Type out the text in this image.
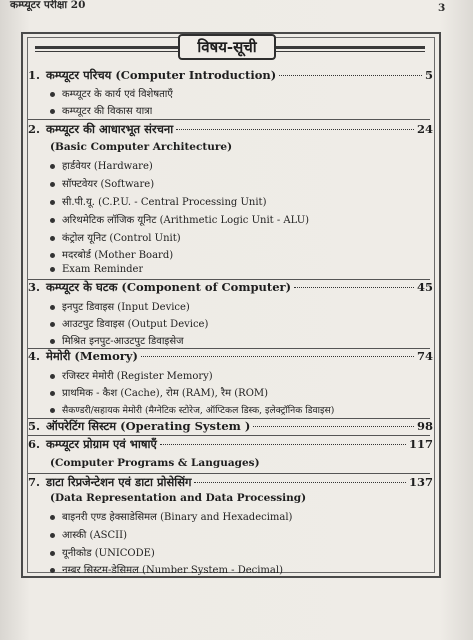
कम्प्यूटर परीक्षा 20	3
विषय-सूची
1. कम्प्यूटर परिचय (Computer Introduction)	5
कम्प्यूटर के कार्य एवं विशेषताएँ
कम्प्यूटर की विकास यात्रा
2. कम्प्यूटर की आधारभूत संरचना	24
(Basic Computer Architecture)
हार्डवेयर (Hardware)
सॉफ्टवेयर (Software)
सी.पी.यू. (C.P.U. - Central Processing Unit)
अरिथमेटिक लॉजिक यूनिट (Arithmetic Logic Unit - ALU)
कंट्रोल यूनिट (Control Unit)
मदरबोर्ड (Mother Board)
Exam Reminder
3. कम्प्यूटर के घटक (Component of Computer)	45
इनपुट डिवाइस (Input Device)
आउटपुट डिवाइस (Output Device)
मिश्रित इनपुट-आउटपुट डिवाइसेज
4. मेमोरी (Memory)	74
रजिस्टर मेमोरी (Register Memory)
प्राथमिक - कैश (Cache), रोम (RAM), रैम (ROM)
सैकण्डरी/सहायक मेमोरी (मैग्नेटिक स्टोरेज, ऑप्टिकल डिस्क, इलेक्ट्रॉनिक डिवाइस)
5. ऑपरेटिंग सिस्टम (Operating System )	98
6. कम्प्यूटर प्रोग्राम एवं भाषाएँ	117
(Computer Programs & Languages)
7. डाटा रिप्रजेन्टेशन एवं डाटा प्रोसेसिंग	137
(Data Representation and Data Processing)
बाइनरी एण्ड हेक्साडेसिमल (Binary and Hexadecimal)
आस्की (ASCII)
यूनीकोड (UNICODE)
नम्बर सिस्टम-डेसिमल (Number System - Decimal)
